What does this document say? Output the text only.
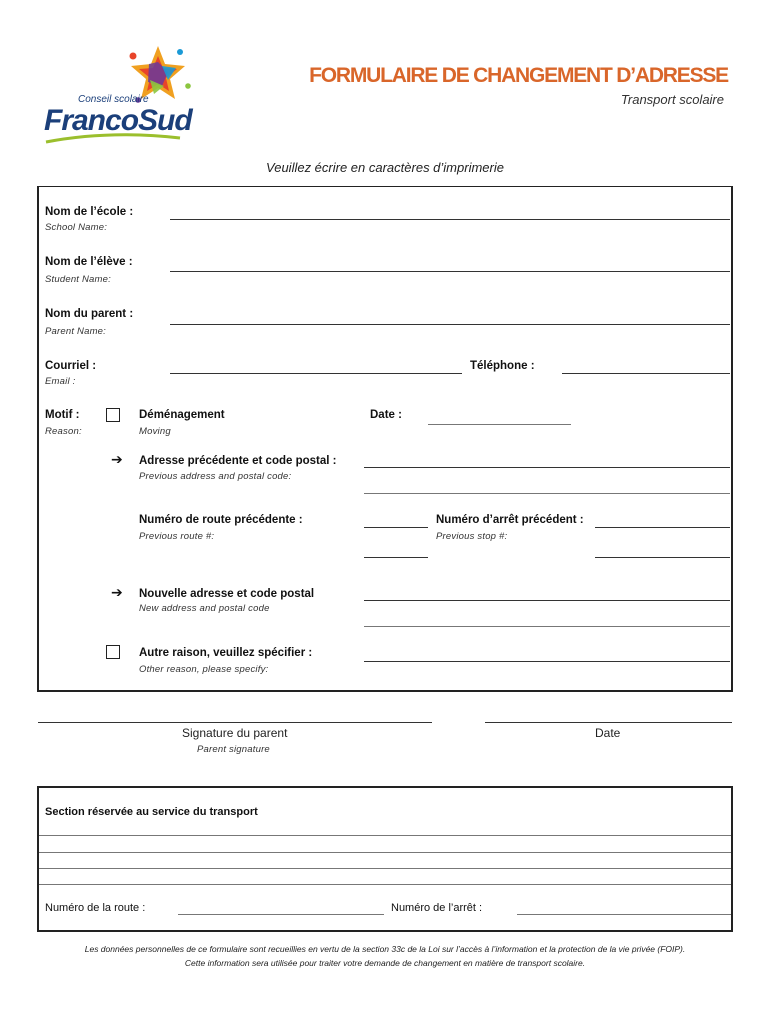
Conseil scolaire
FrancoSud
FORMULAIRE DE CHANGEMENT D’ADRESSE
Transport scolaire
Veuillez écrire en caractères d’imprimerie
Nom de l’école :
School Name:
Nom de l’élève :
Student Name:
Nom du parent :
Parent Name:
Courriel :
Email :
Téléphone :
Motif :
Reason:
Déménagement
Moving
Date :
➔ Adresse précédente et code postal :
Previous address and postal code:
Numéro de route précédente :
Previous route #:
Numéro d’arrêt précédent :
Previous stop #:
➔ Nouvelle adresse et code postal
New address and postal code
Autre raison, veuillez spécifier :
Other reason, please specify:
Signature du parent
Parent signature
Date
Section réservée au service du transport
Numéro de la route :	Numéro de l’arrêt :
Les données personnelles de ce formulaire sont recueillies en vertu de la section 33c de la Loi sur l’accès à l’information et la protection de la vie privée (FOIP).
Cette information sera utilisée pour traiter votre demande de changement en matière de transport scolaire.
